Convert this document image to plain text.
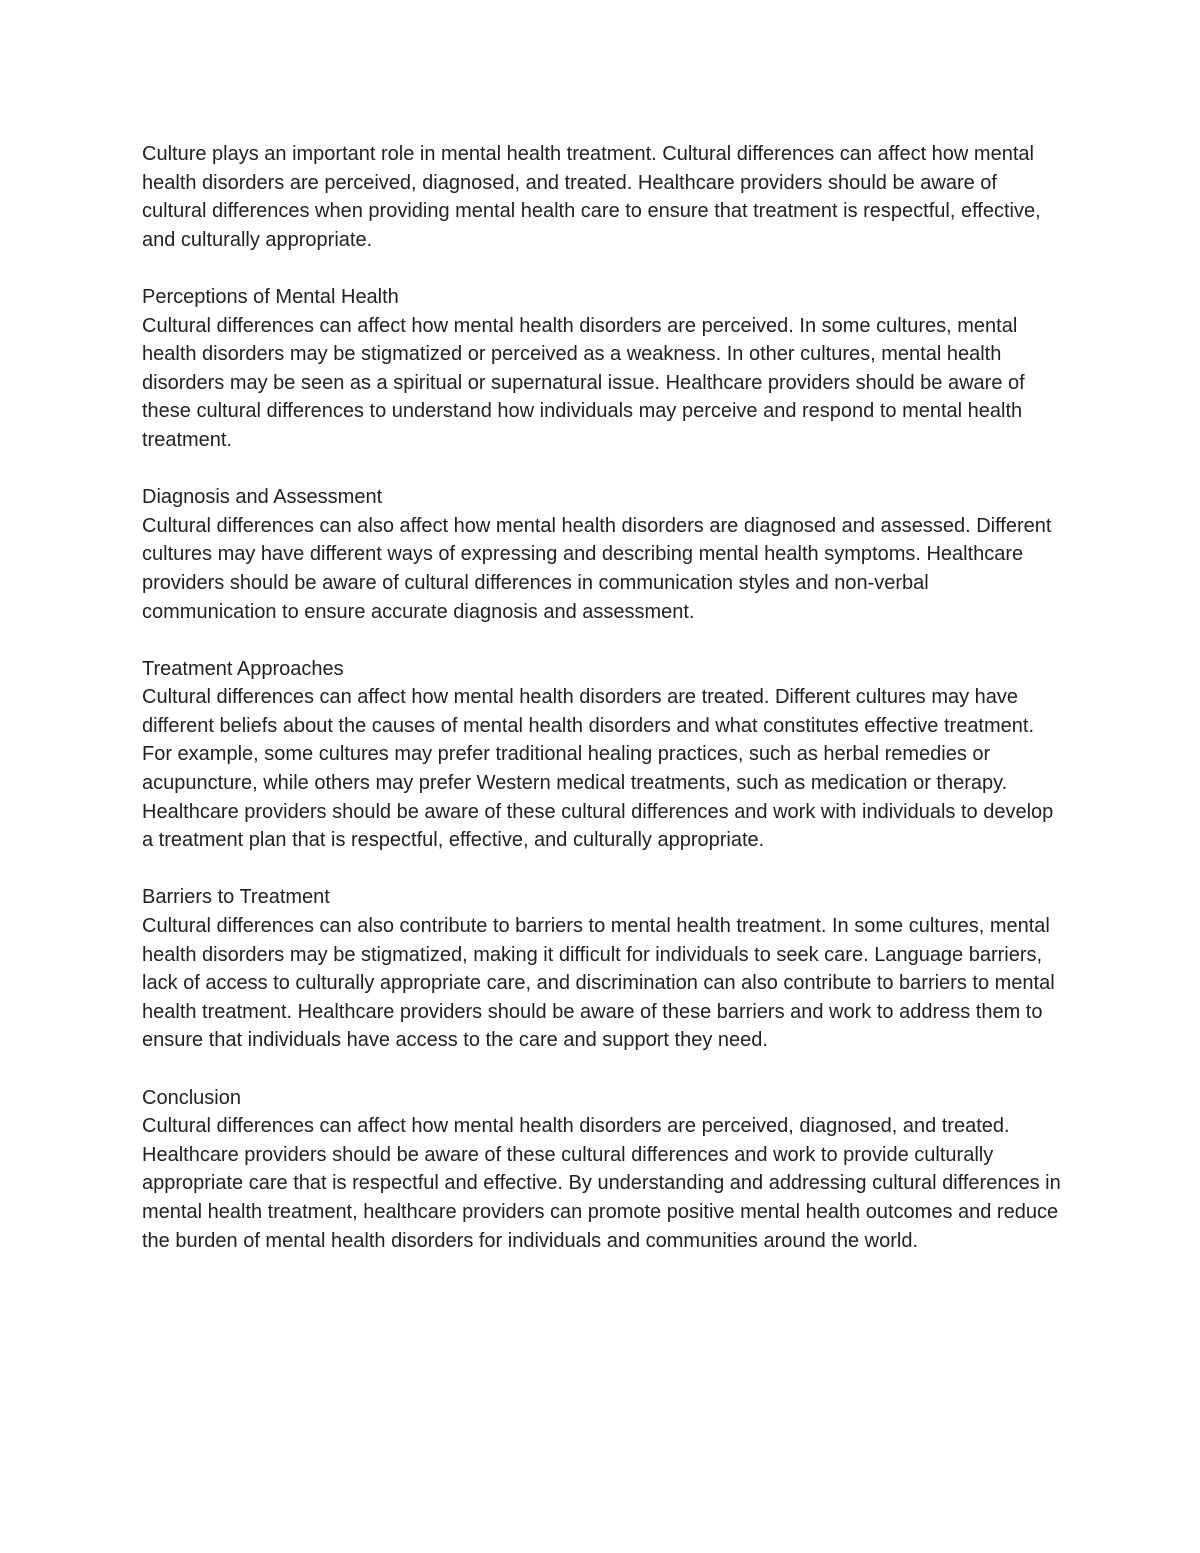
Culture plays an important role in mental health treatment. Cultural differences can affect how mental health disorders are perceived, diagnosed, and treated. Healthcare providers should be aware of cultural differences when providing mental health care to ensure that treatment is respectful, effective, and culturally appropriate.
Perceptions of Mental Health
Cultural differences can affect how mental health disorders are perceived. In some cultures, mental health disorders may be stigmatized or perceived as a weakness. In other cultures, mental health disorders may be seen as a spiritual or supernatural issue. Healthcare providers should be aware of these cultural differences to understand how individuals may perceive and respond to mental health treatment.
Diagnosis and Assessment
Cultural differences can also affect how mental health disorders are diagnosed and assessed. Different cultures may have different ways of expressing and describing mental health symptoms. Healthcare providers should be aware of cultural differences in communication styles and non-verbal communication to ensure accurate diagnosis and assessment.
Treatment Approaches
Cultural differences can affect how mental health disorders are treated. Different cultures may have different beliefs about the causes of mental health disorders and what constitutes effective treatment. For example, some cultures may prefer traditional healing practices, such as herbal remedies or acupuncture, while others may prefer Western medical treatments, such as medication or therapy. Healthcare providers should be aware of these cultural differences and work with individuals to develop a treatment plan that is respectful, effective, and culturally appropriate.
Barriers to Treatment
Cultural differences can also contribute to barriers to mental health treatment. In some cultures, mental health disorders may be stigmatized, making it difficult for individuals to seek care. Language barriers, lack of access to culturally appropriate care, and discrimination can also contribute to barriers to mental health treatment. Healthcare providers should be aware of these barriers and work to address them to ensure that individuals have access to the care and support they need.
Conclusion
Cultural differences can affect how mental health disorders are perceived, diagnosed, and treated. Healthcare providers should be aware of these cultural differences and work to provide culturally appropriate care that is respectful and effective. By understanding and addressing cultural differences in mental health treatment, healthcare providers can promote positive mental health outcomes and reduce the burden of mental health disorders for individuals and communities around the world.
